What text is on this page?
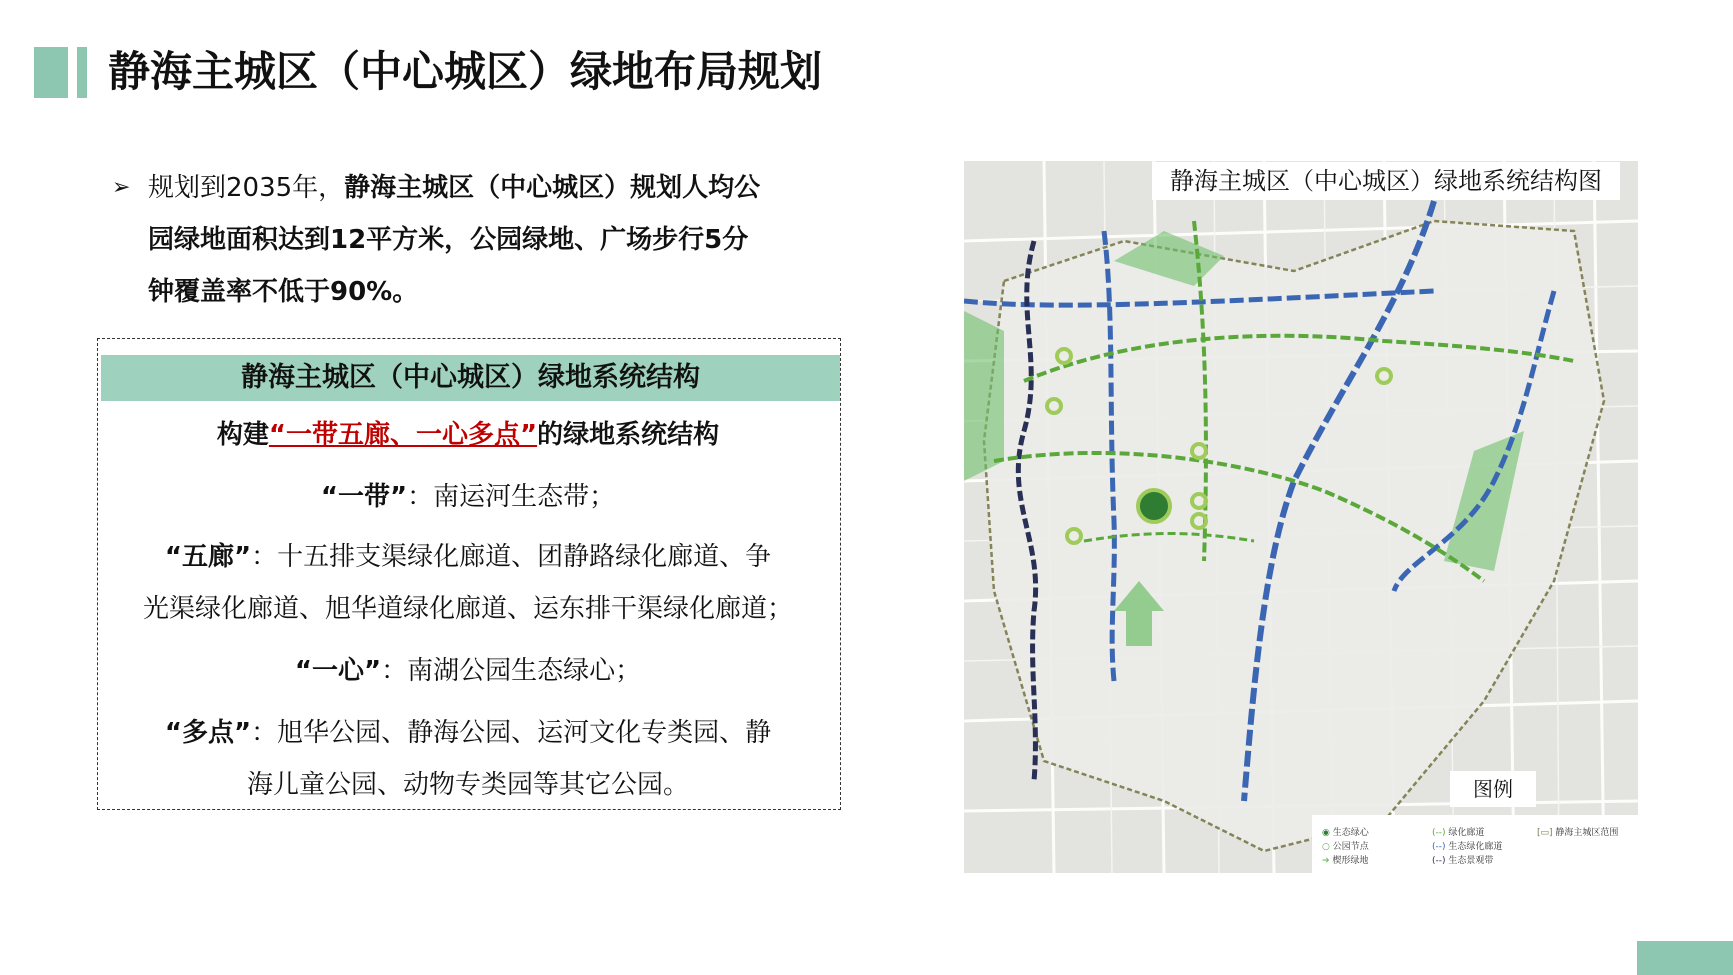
静海主城区（中心城区）绿地布局规划
➢ 规划到2035年，静海主城区（中心城区）规划人均公
园绿地面积达到12平方米，公园绿地、广场步行5分
钟覆盖率不低于90%。
静海主城区（中心城区）绿地系统结构
构建“一带五廊、一心多点”的绿地系统结构
“一带”：南运河生态带；
“五廊”：十五排支渠绿化廊道、团静路绿化廊道、争
光渠绿化廊道、旭华道绿化廊道、运东排干渠绿化廊道；
“一心”：南湖公园生态绿心；
“多点”：旭华公园、静海公园、运河文化专类园、静
海儿童公园、动物专类园等其它公园。
静海主城区（中心城区）绿地系统结构图
图例
◉ 生态绿心
○ 公园节点
➔ 楔形绿地
(‐‐) 绿化廊道
(‐‐) 生态绿化廊道
(‐‐) 生态景观带
[▭] 静海主城区范围
